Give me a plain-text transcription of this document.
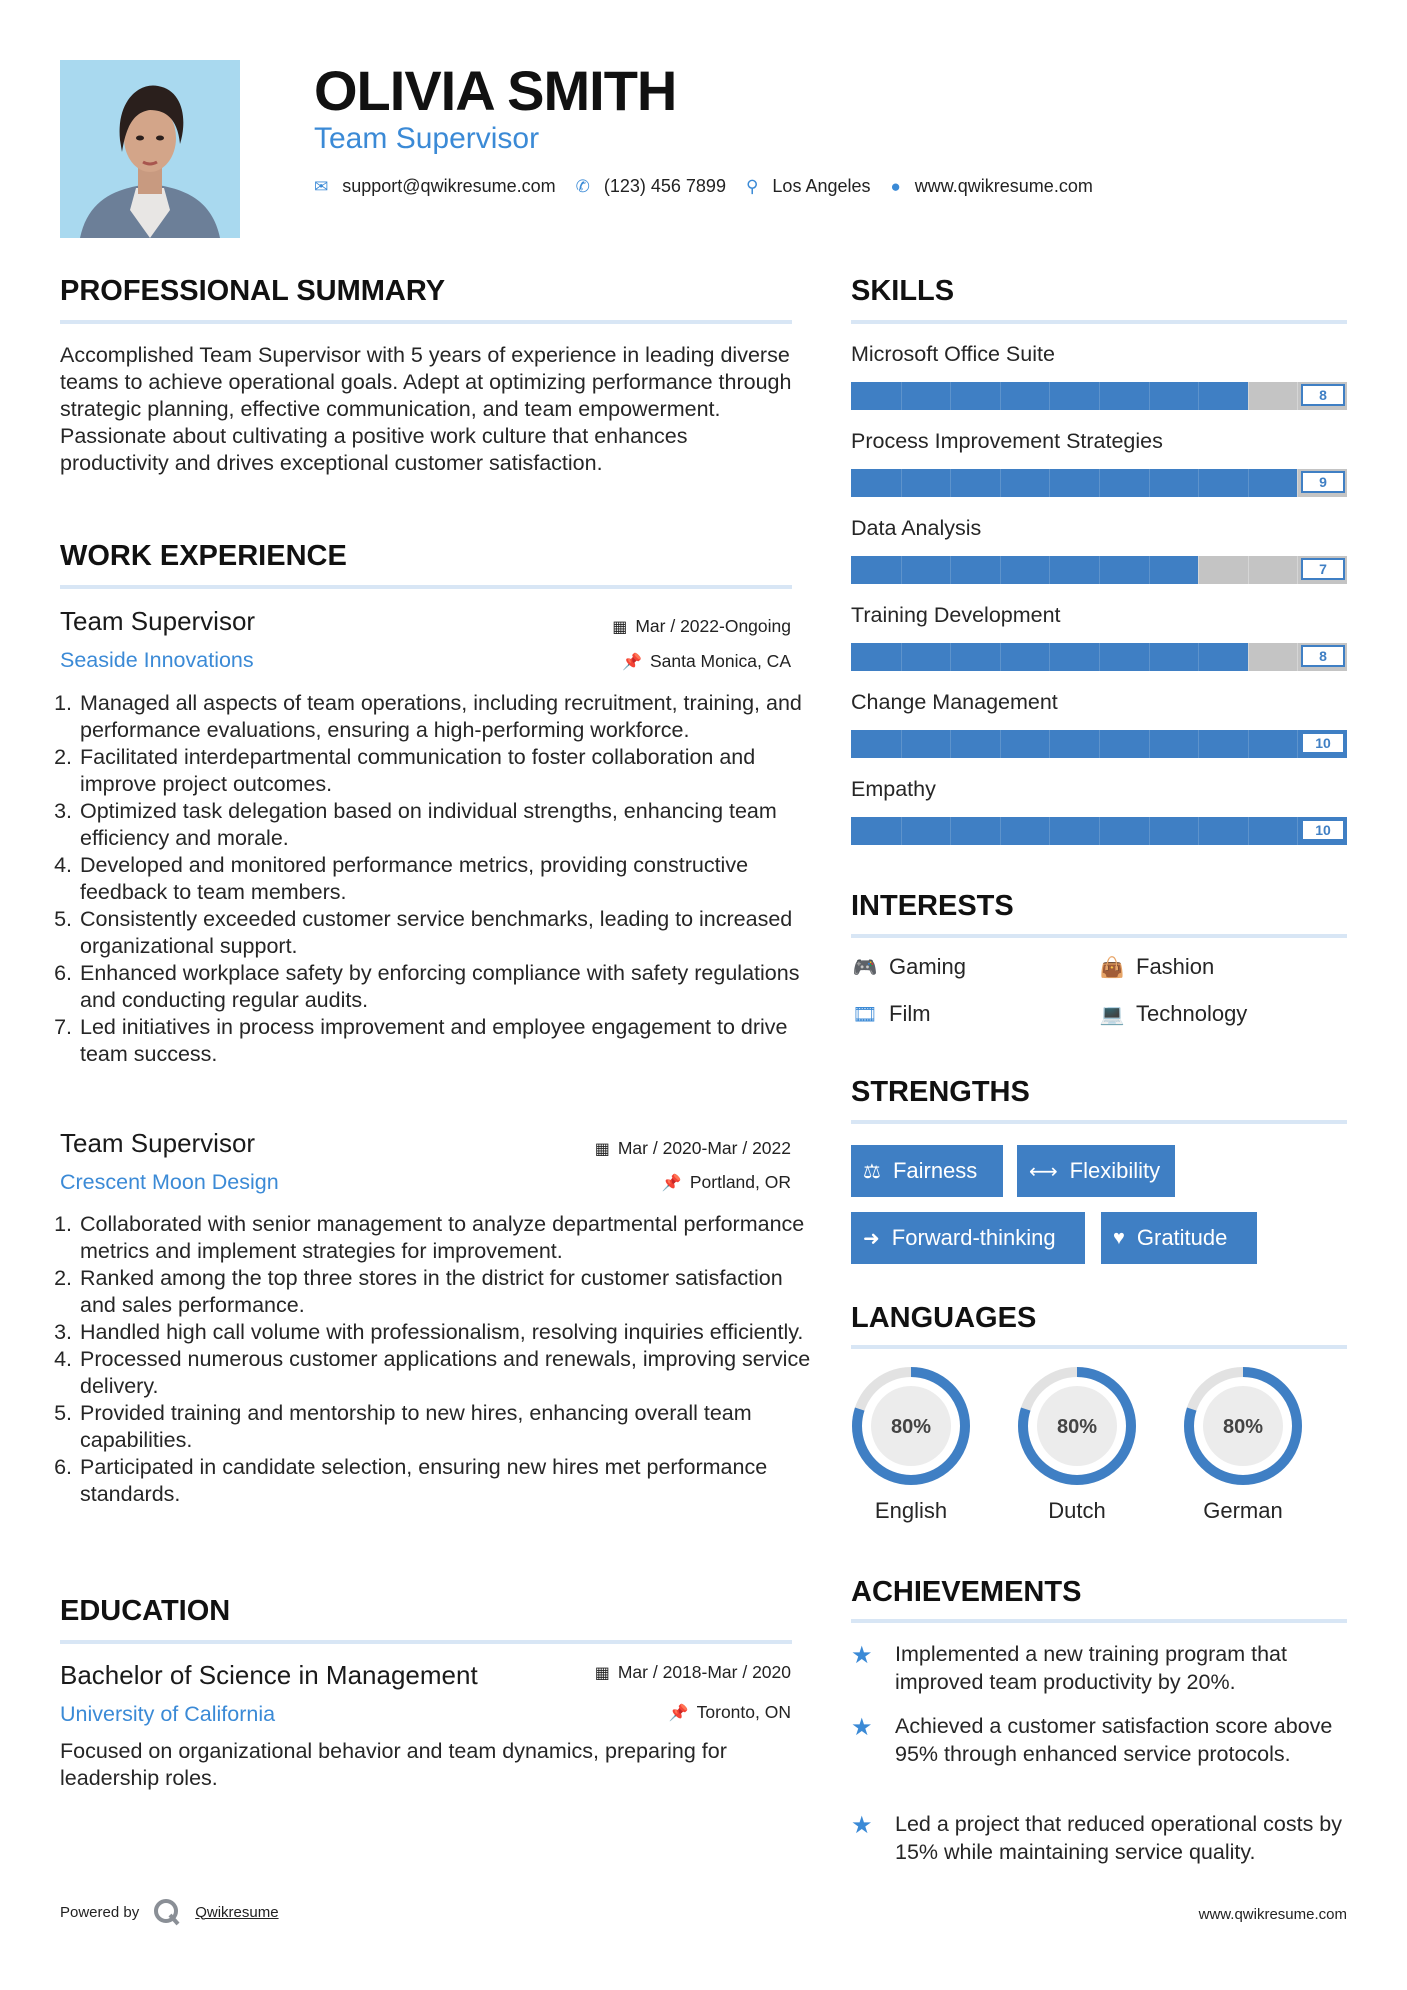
OLIVIA SMITH
Team Supervisor
✉ support@qwikresume.com ✆ (123) 456 7899 ⚲ Los Angeles ● www.qwikresume.com
PROFESSIONAL SUMMARY
Accomplished Team Supervisor with 5 years of experience in leading diverse teams to achieve operational goals. Adept at optimizing performance through strategic planning, effective communication, and team empowerment. Passionate about cultivating a positive work culture that enhances productivity and drives exceptional customer satisfaction.
WORK EXPERIENCE
Team Supervisor	▦ Mar / 2022-Ongoing
Seaside Innovations	📌 Santa Monica, CA
1. Managed all aspects of team operations, including recruitment, training, and performance evaluations, ensuring a high-performing workforce.
2. Facilitated interdepartmental communication to foster collaboration and improve project outcomes.
3. Optimized task delegation based on individual strengths, enhancing team efficiency and morale.
4. Developed and monitored performance metrics, providing constructive feedback to team members.
5. Consistently exceeded customer service benchmarks, leading to increased organizational support.
6. Enhanced workplace safety by enforcing compliance with safety regulations and conducting regular audits.
7. Led initiatives in process improvement and employee engagement to drive team success.
Team Supervisor	▦ Mar / 2020-Mar / 2022
Crescent Moon Design	📌 Portland, OR
1. Collaborated with senior management to analyze departmental performance metrics and implement strategies for improvement.
2. Ranked among the top three stores in the district for customer satisfaction and sales performance.
3. Handled high call volume with professionalism, resolving inquiries efficiently.
4. Processed numerous customer applications and renewals, improving service delivery.
5. Provided training and mentorship to new hires, enhancing overall team capabilities.
6. Participated in candidate selection, ensuring new hires met performance standards.
EDUCATION
Bachelor of Science in Management	▦ Mar / 2018-Mar / 2020
University of California	📌 Toronto, ON
Focused on organizational behavior and team dynamics, preparing for leadership roles.
SKILLS
Microsoft Office Suite
8
Process Improvement Strategies
9
Data Analysis
7
Training Development
8
Change Management
10
Empathy
10
INTERESTS
🎮 Gaming	👜 Fashion
🎞 Film	💻 Technology
STRENGTHS
⚖ Fairness	⟷ Flexibility
➜ Forward-thinking	♥ Gratitude
LANGUAGES
80%
English
80%
Dutch
80%
German
ACHIEVEMENTS
★	Implemented a new training program that improved team productivity by 20%.
★	Achieved a customer satisfaction score above 95% through enhanced service protocols.
★	Led a project that reduced operational costs by 15% while maintaining service quality.
Powered by	Qwikresume	www.qwikresume.com
